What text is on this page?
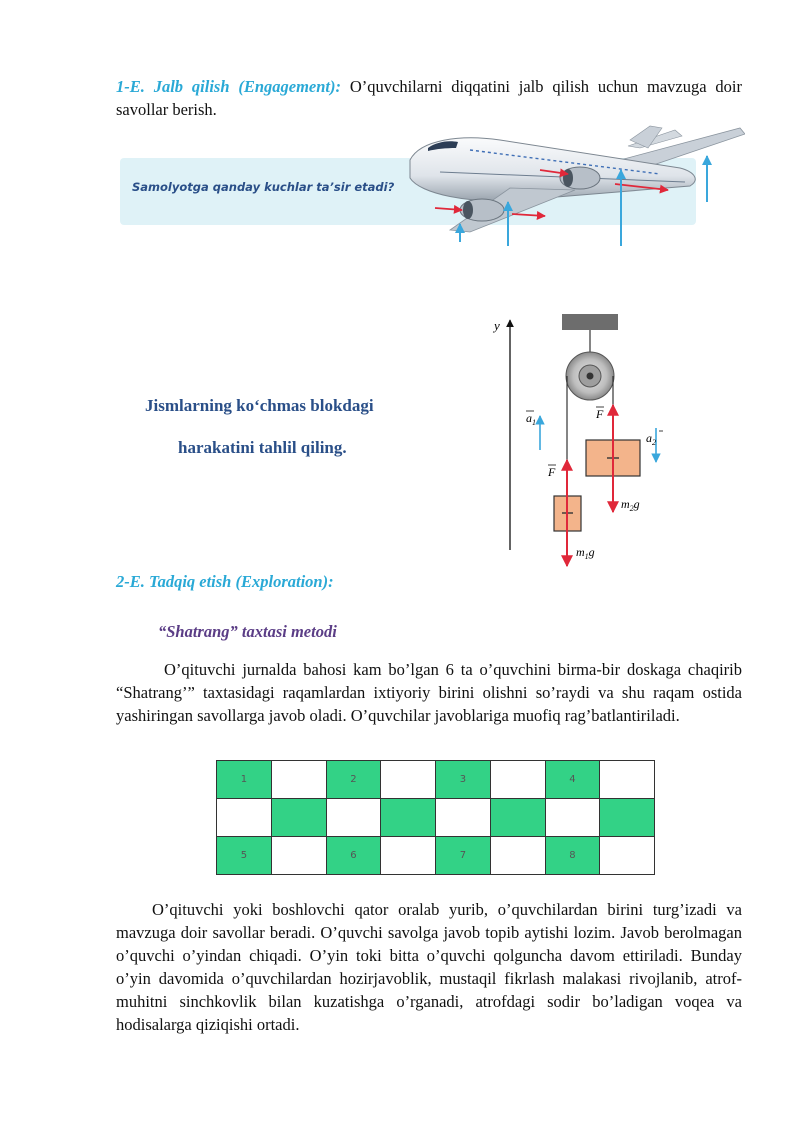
1-E. Jalb qilish (Engagement): O’quvchilarni diqqatini jalb qilish uchun mavzuga doir savollar berish.

Samolyotga qanday kuchlar ta’sir etadi?
Jismlarning ko‘chmas blokdagi
harakatini tahlil qiling.
y
$a_1$
F
$a_2$
F
$m_2g$
$m_1g$
2-E. Tadqiq etish (Exploration):
“Shatrang” taxtasi metodi

O’qituvchi jurnalda bahosi kam bo’lgan 6 ta o’quvchini birma-bir doskaga chaqirib “Shatrang’” taxtasidagi raqamlardan ixtiyoriy birini olishni so’raydi va shu raqam ostida yashiringan savollarga javob oladi. O’quvchilar javoblariga muofiq rag’batlantiriladi.

1		2		3		4	

5		6		7		8	

O’qituvchi yoki boshlovchi qator oralab yurib, o’quvchilardan birini turg’izadi va mavzuga doir savollar beradi. O’quvchi savolga javob topib aytishi lozim. Javob berolmagan o’quvchi o’yindan chiqadi. O’yin toki bitta o’quvchi qolguncha davom ettiriladi. Bunday o’yin davomida o’quvchilardan hozirjavoblik, mustaqil fikrlash malakasi rivojlanib, atrof-muhitni sinchkovlik bilan kuzatishga o’rganadi, atrofdagi sodir bo’ladigan voqea va hodisalarga qiziqishi ortadi.
